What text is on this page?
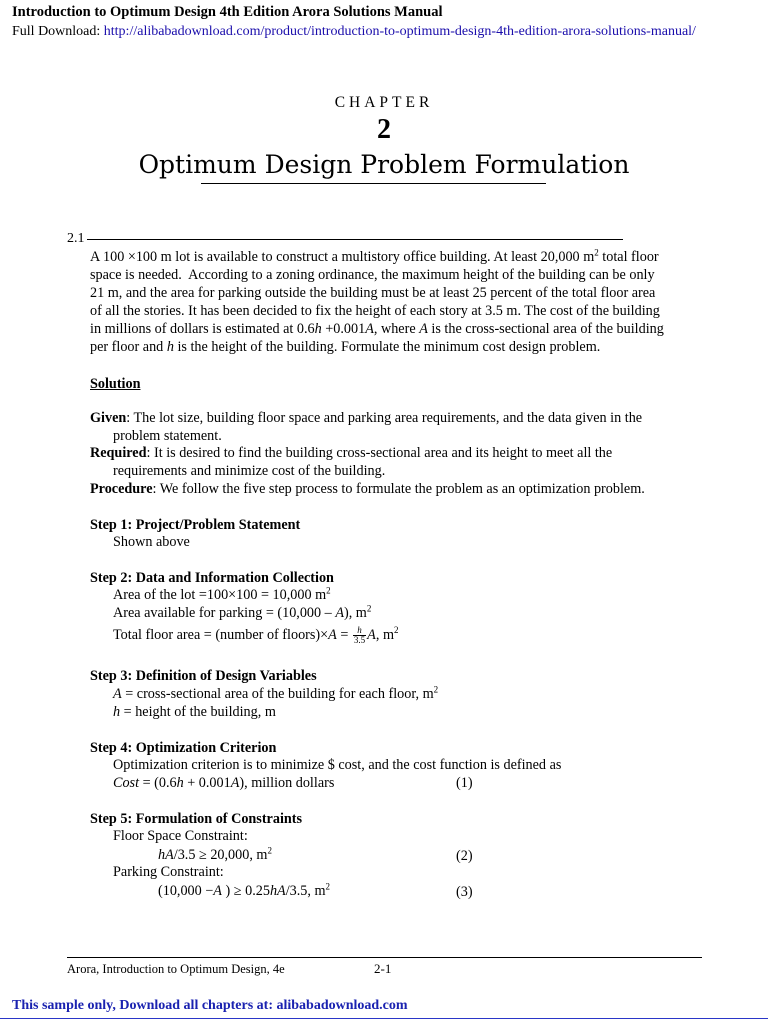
Introduction to Optimum Design 4th Edition Arora Solutions Manual
Full Download: http://alibabadownload.com/product/introduction-to-optimum-design-4th-edition-arora-solutions-manual/
CHAPTER
2
Optimum Design Problem Formulation
2.1
A 100 ×100 m lot is available to construct a multistory office building. At least 20,000 $m^2$ total floor
space is needed.  According to a zoning ordinance, the maximum height of the building can be only
21 m, and the area for parking outside the building must be at least 25 percent of the total floor area
of all the stories. It has been decided to fix the height of each story at 3.5 m. The cost of the building
in millions of dollars is estimated at 0.6h +0.001A, where A is the cross-sectional area of the building
per floor and h is the height of the building. Formulate the minimum cost design problem.
Solution
Given: The lot size, building floor space and parking area requirements, and the data given in the
problem statement.
Required: It is desired to find the building cross-sectional area and its height to meet all the
requirements and minimize cost of the building.
Procedure: We follow the five step process to formulate the problem as an optimization problem.
Step 1: Project/Problem Statement
Shown above
Step 2: Data and Information Collection
Area of the lot =100×100 = 10,000 $m^2$
Area available for parking = (10,000 – A), $m^2$
Total floor area = (number of floors)×A = $\frac{h}{3.5} A$, $m^2$
Step 3: Definition of Design Variables
A = cross-sectional area of the building for each floor, $m^2$
h = height of the building, m
Step 4: Optimization Criterion
Optimization criterion is to minimize $ cost, and the cost function is defined as
Cost = (0.6h + 0.001A), million dollars	(1)
Step 5: Formulation of Constraints
Floor Space Constraint:
hA/3.5 ≥ 20,000, $m^2$	(2)
Parking Constraint:
(10,000 −A ) ≥ 0.25hA/3.5, $m^2$	(3)
Arora, Introduction to Optimum Design, 4e	2-1
This sample only, Download all chapters at: alibabadownload.com
